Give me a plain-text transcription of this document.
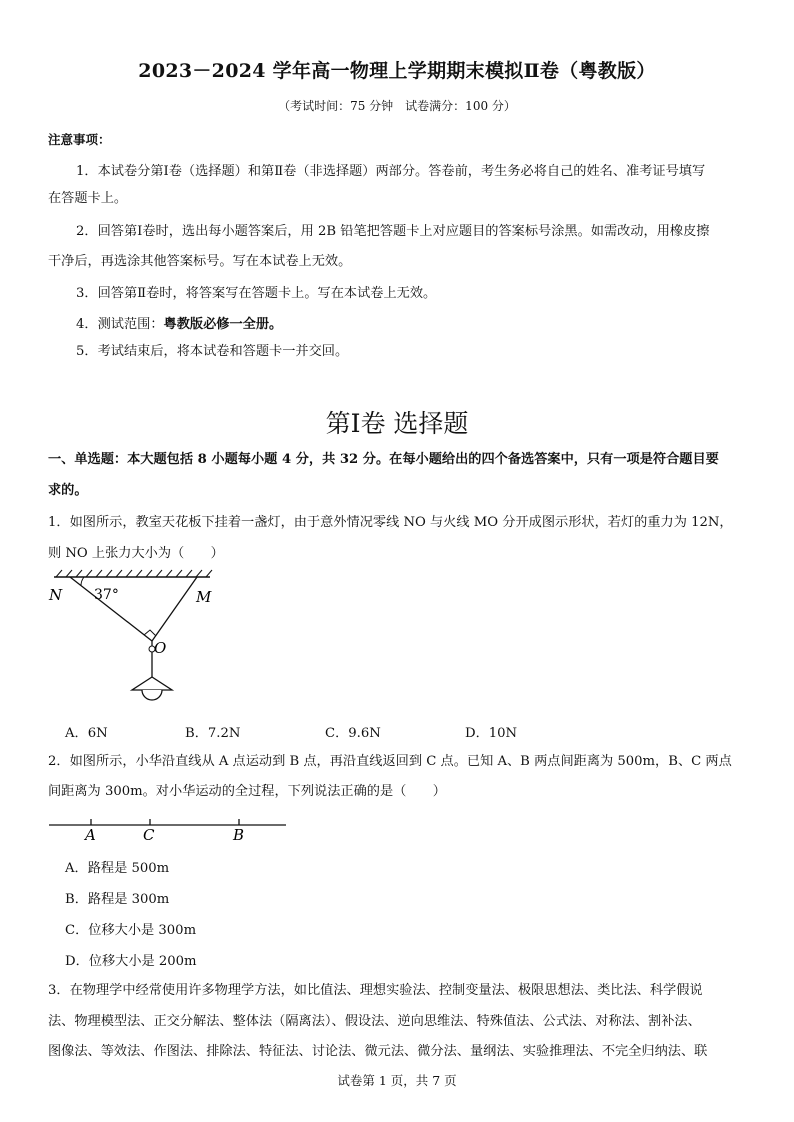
2023－2024 学年高一物理上学期期末模拟Ⅱ卷（粤教版）
（考试时间：75 分钟　试卷满分：100 分）
注意事项：
1．本试卷分第Ⅰ卷（选择题）和第Ⅱ卷（非选择题）两部分。答卷前，考生务必将自己的姓名、准考证号填写
在答题卡上。
2．回答第Ⅰ卷时，选出每小题答案后，用 2B 铅笔把答题卡上对应题目的答案标号涂黑。如需改动，用橡皮擦
干净后，再选涂其他答案标号。写在本试卷上无效。
3．回答第Ⅱ卷时，将答案写在答题卡上。写在本试卷上无效。
4．测试范围：粤教版必修一全册。
5．考试结束后，将本试卷和答题卡一并交回。
第Ⅰ卷 选择题
一、单选题：本大题包括 8 小题每小题 4 分，共 32 分。在每小题给出的四个备选答案中，只有一项是符合题目要
求的。
1．如图所示，教室天花板下挂着一盏灯，由于意外情况零线 NO 与火线 MO 分开成图示形状，若灯的重力为 12N，
则 NO 上张力大小为（　　）
N 37°	M
O
A．6N	B．7.2N	C．9.6N	D．10N
2．如图所示，小华沿直线从 A 点运动到 B 点，再沿直线返回到 C 点。已知 A、B 两点间距离为 500m，B、C 两点
间距离为 300m。对小华运动的全过程，下列说法正确的是（　　）
A	C	B
A．路程是 500m
B．路程是 300m
C．位移大小是 300m
D．位移大小是 200m
3．在物理学中经常使用许多物理学方法，如比值法、理想实验法、控制变量法、极限思想法、类比法、科学假说
法、物理模型法、正交分解法、整体法（隔离法）、假设法、逆向思维法、特殊值法、公式法、对称法、割补法、
图像法、等效法、作图法、排除法、特征法、讨论法、微元法、微分法、量纲法、实验推理法、不完全归纳法、联
试卷第 1 页，共 7 页
